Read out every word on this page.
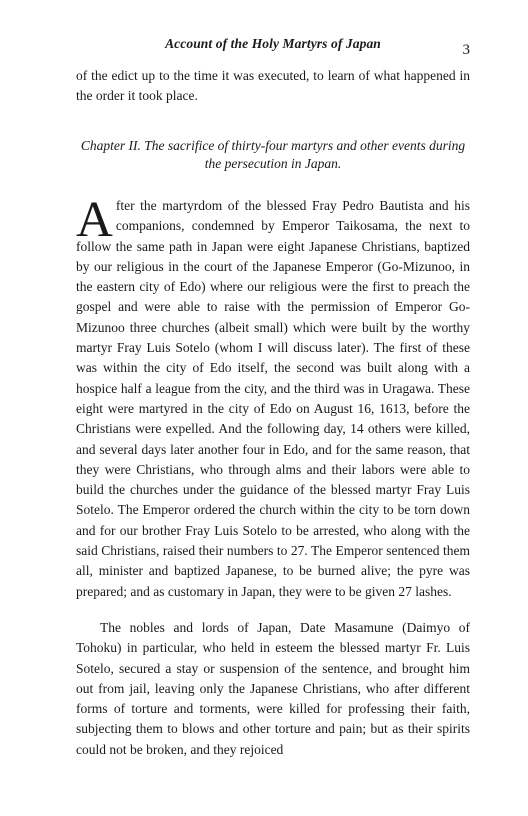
Account of the Holy Martyrs of Japan	3

of the edict up to the time it was executed, to learn of what happened in the order it took place.

Chapter II. The sacrifice of thirty-four martyrs and other events during the persecution in Japan.

After the martyrdom of the blessed Fray Pedro Bautista and his companions, condemned by Emperor Taikosama, the next to follow the same path in Japan were eight Japanese Christians, baptized by our religious in the court of the Japanese Emperor (Go-Mizunoo, in the eastern city of Edo) where our religious were the first to preach the gospel and were able to raise with the permission of Emperor Go-Mizunoo three churches (albeit small) which were built by the worthy martyr Fray Luis Sotelo (whom I will discuss later). The first of these was within the city of Edo itself, the second was built along with a hospice half a league from the city, and the third was in Uragawa. These eight were martyred in the city of Edo on August 16, 1613, before the Christians were expelled. And the following day, 14 others were killed, and several days later another four in Edo, and for the same reason, that they were Christians, who through alms and their labors were able to build the churches under the guidance of the blessed martyr Fray Luis Sotelo. The Emperor ordered the church within the city to be torn down and for our brother Fray Luis Sotelo to be arrested, who along with the said Christians, raised their numbers to 27. The Emperor sentenced them all, minister and baptized Japanese, to be burned alive; the pyre was prepared; and as customary in Japan, they were to be given 27 lashes.

The nobles and lords of Japan, Date Masamune (Daimyo of Tohoku) in particular, who held in esteem the blessed martyr Fr. Luis Sotelo, secured a stay or suspension of the sentence, and brought him out from jail, leaving only the Japanese Christians, who after different forms of torture and torments, were killed for professing their faith, subjecting them to blows and other torture and pain; but as their spirits could not be broken, and they rejoiced
